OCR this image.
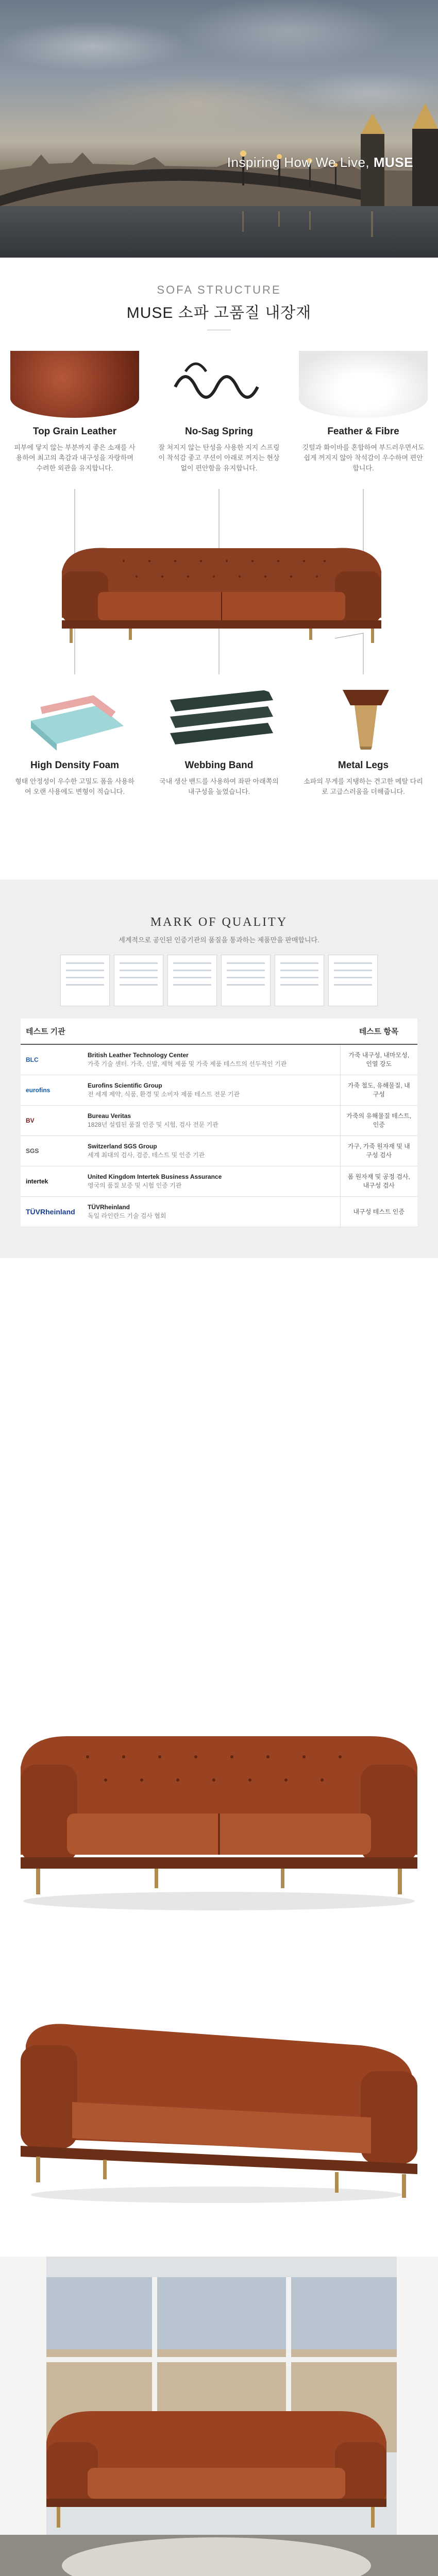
Inspiring How We Live, MUSE
SOFA STRUCTURE
MUSE 소파 고품질 내장재
Top Grain Leather
피부에 닿지 않는 부분까지 좋은 소재를 사용하여 최고의 촉감과 내구성을 자랑하며 수려한 외관을 유지합니다.
No-Sag Spring
잘 처지지 않는 탄성을 사용한 지지 스프링이 착석감 좋고 쿠션이 아래로 꺼지는 현상 없이 편안함을 유지합니다.
Feather & Fibre
깃털과 화이바를 혼합하여 부드러우면서도 쉽게 꺼지지 않아 착석감이 우수하며 편안합니다.
High Density Foam
형태 안정성이 우수한 고밀도 폼을 사용하여 오랜 사용에도 변형이 적습니다.
Webbing Band
국내 생산 밴드를 사용하여 좌판 아래쪽의 내구성을 높였습니다.
Metal Legs
소파의 무게를 지탱하는 견고한 메탈 다리로 고급스러움을 더해줍니다.
MARK OF QUALITY
세계적으로 공인된 인증기관의 품질을 통과하는 제품만을 판매합니다.
테스트 기관		테스트 항목
BLC	British Leather Technology Center
가죽 기술 센터. 가죽, 신발, 제혁 제품 및 가죽 제품 테스트의 선두적인 기관	가죽 내구성, 내마모성, 인열 강도
eurofins	Eurofins Scientific Group
전 세계 제약, 식품, 환경 및 소비자 제품 테스트 전문 기관	가죽 철도, 유해물질, 내구성
BV	Bureau Veritas
1828년 설립된 품질 인증 및 시험, 검사 전문 기관	가죽의 유해물질 테스트, 인증
SGS	Switzerland SGS Group
세계 최대의 검사, 검증, 테스트 및 인증 기관	가구, 가죽 원자재 및 내구성 검사
intertek	United Kingdom Intertek Business Assurance
영국의 품질 보증 및 시험 인증 기관	폼 원자재 및 공정 검사, 내구성 검사
TÜVRheinland	TÜVRheinland
독일 라인란드 기술 검사 협회	내구성 테스트 인증
